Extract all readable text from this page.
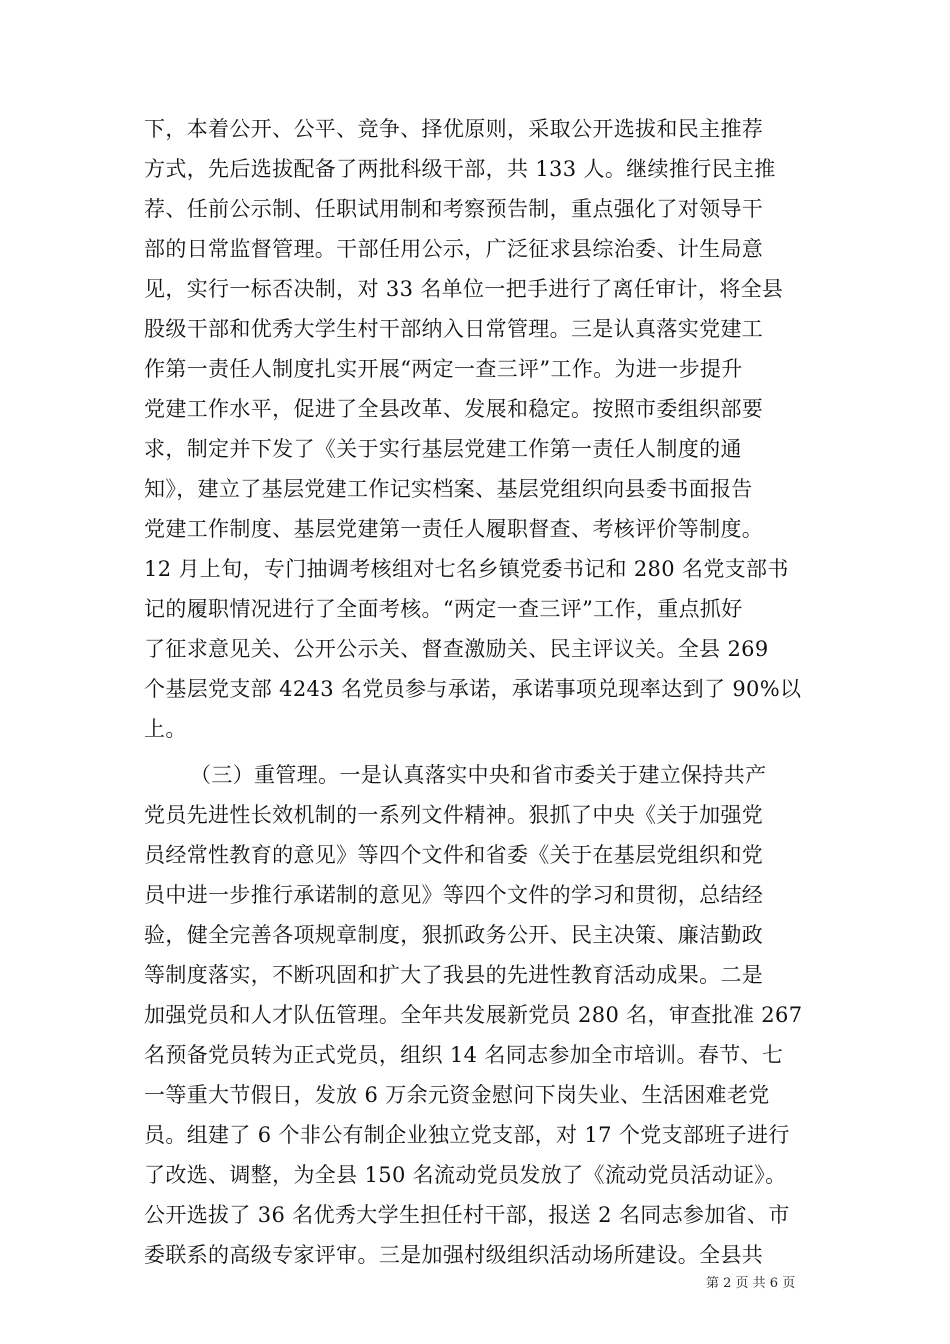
下，本着公开、公平、竞争、择优原则，采取公开选拔和民主推荐
方式，先后选拔配备了两批科级干部，共 133 人。继续推行民主推
荐、任前公示制、任职试用制和考察预告制，重点强化了对领导干
部的日常监督管理。干部任用公示，广泛征求县综治委、计生局意
见，实行一标否决制，对 33 名单位一把手进行了离任审计，将全县
股级干部和优秀大学生村干部纳入日常管理。三是认真落实党建工
作第一责任人制度扎实开展“两定一查三评”工作。为进一步提升
党建工作水平，促进了全县改革、发展和稳定。按照市委组织部要
求，制定并下发了《关于实行基层党建工作第一责任人制度的通
知》，建立了基层党建工作记实档案、基层党组织向县委书面报告
党建工作制度、基层党建第一责任人履职督查、考核评价等制度。
12 月上旬，专门抽调考核组对七名乡镇党委书记和 280 名党支部书
记的履职情况进行了全面考核。“两定一查三评”工作，重点抓好
了征求意见关、公开公示关、督查激励关、民主评议关。全县 269
个基层党支部 4243 名党员参与承诺，承诺事项兑现率达到了 90%以
上。
（三）重管理。一是认真落实中央和省市委关于建立保持共产
党员先进性长效机制的一系列文件精神。狠抓了中央《关于加强党
员经常性教育的意见》等四个文件和省委《关于在基层党组织和党
员中进一步推行承诺制的意见》等四个文件的学习和贯彻，总结经
验，健全完善各项规章制度，狠抓政务公开、民主决策、廉洁勤政
等制度落实，不断巩固和扩大了我县的先进性教育活动成果。二是
加强党员和人才队伍管理。全年共发展新党员 280 名，审查批准 267
名预备党员转为正式党员，组织 14 名同志参加全市培训。春节、七
一等重大节假日，发放 6 万余元资金慰问下岗失业、生活困难老党
员。组建了 6 个非公有制企业独立党支部，对 17 个党支部班子进行
了改选、调整，为全县 150 名流动党员发放了《流动党员活动证》。
公开选拔了 36 名优秀大学生担任村干部，报送 2 名同志参加省、市
委联系的高级专家评审。三是加强村级组织活动场所建设。全县共
第 2 页 共 6 页
